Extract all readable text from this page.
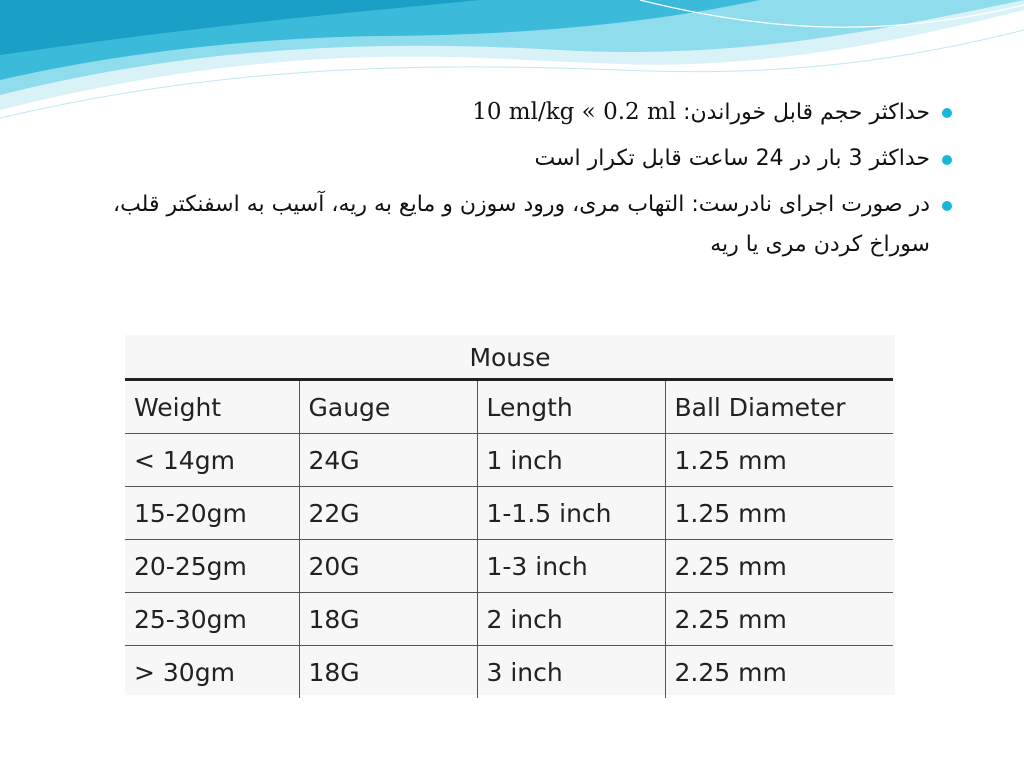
حداکثر حجم قابل خوراندن: 10 ml/kg « 0.2 ml
حداکثر 3 بار در 24 ساعت قابل تکرار است
در صورت اجرای نادرست: التهاب مری، ورود سوزن و مایع به ریه، آسیب به اسفنکتر قلب، سوراخ کردن مری یا ریه
Mouse
Weight	Gauge	Length	Ball Diameter
< 14gm	24G	1 inch	1.25 mm
15-20gm	22G	1-1.5 inch	1.25 mm
20-25gm	20G	1-3 inch	2.25 mm
25-30gm	18G	2 inch	2.25 mm
> 30gm	18G	3 inch	2.25 mm
